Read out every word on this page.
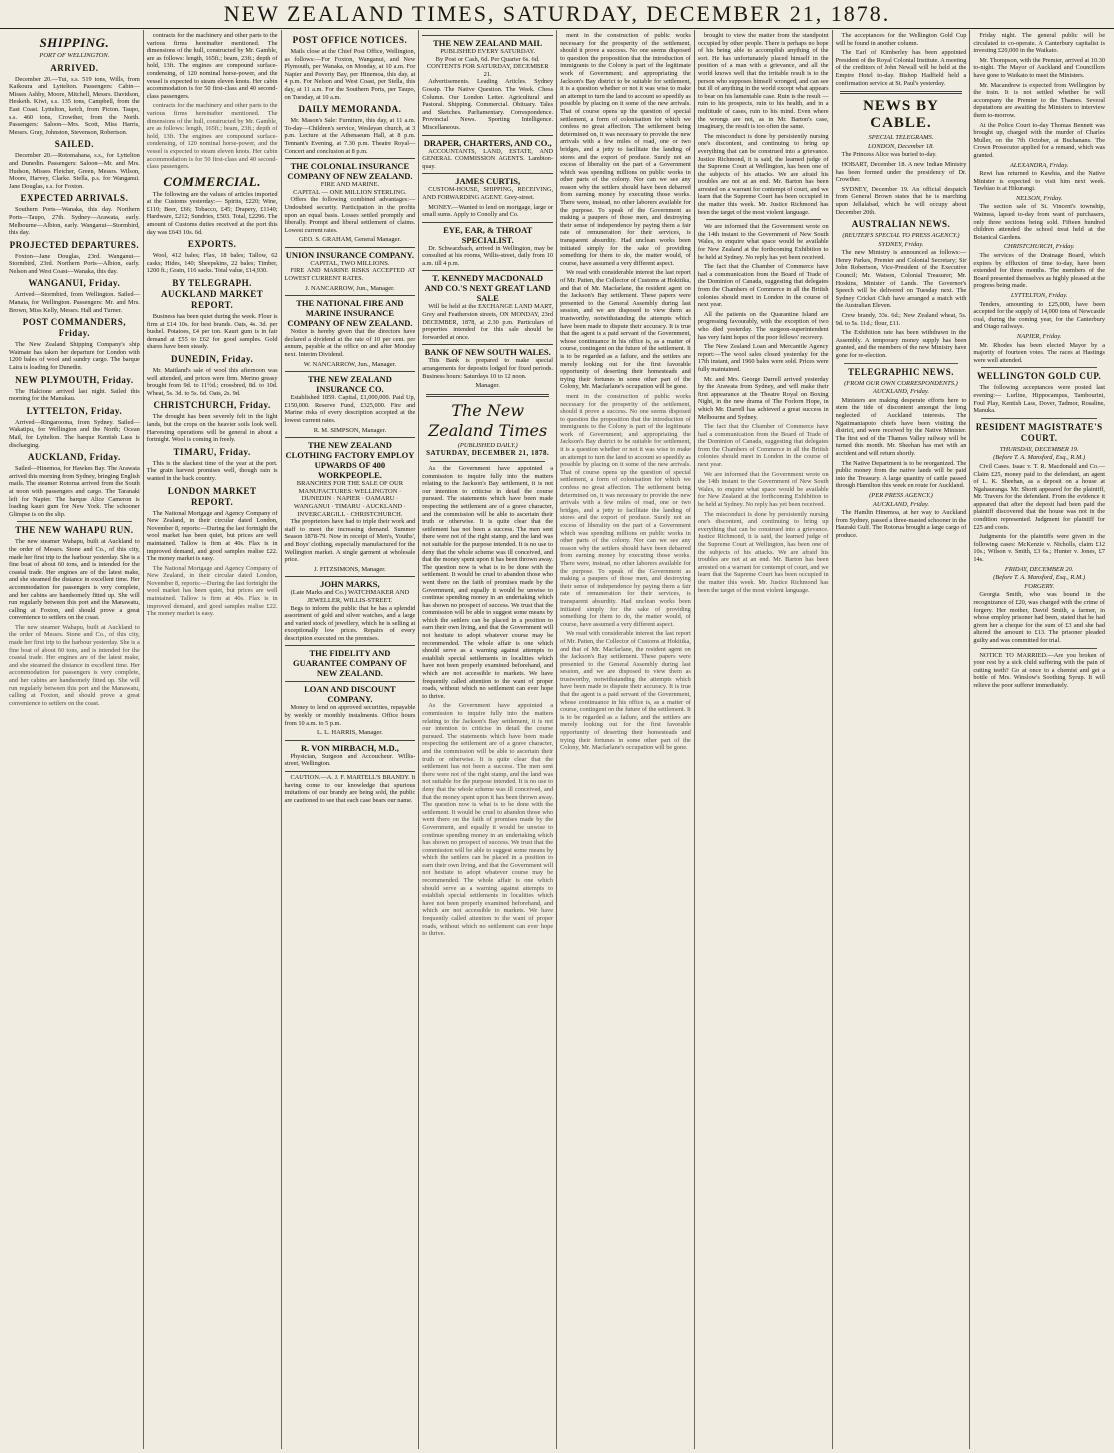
NEW ZEALAND TIMES, SATURDAY, DECEMBER 21, 1878.
SHIPPING.
PORT OF WELLINGTON.
ARRIVED.

December 20.—Tui, s.s. 519 tons, Wills, from Kaikoura and Lyttelton. Passengers: Cabin—Misses Ashby, Moore, Mitchell, Messrs. Davidson, Hesketh. Kiwi, s.s. 135 tons, Campbell, from the East Coast. Lyttelton, ketch, from Picton. Taupo, s.s. 460 tons, Crowther, from the North. Passengers: Saloon—Mrs. Scott, Miss Harris, Messrs. Gray, Johnston, Stevenson, Robertson.

SAILED.

December 20.—Rotomahana, s.s., for Lyttelton and Dunedin. Passengers: Saloon—Mr. and Mrs. Hudson, Misses Fletcher, Green, Messrs. Wilson, Moore, Harvey, Clarke. Stella, p.s. for Wanganui. Jane Douglas, s.s. for Foxton.

EXPECTED ARRIVALS.

Southern Ports—Wanaka, this day. Northern Ports—Taupo, 27th. Sydney—Arawata, early. Melbourne—Albion, early. Wanganui—Stormbird, this day.

PROJECTED DEPARTURES.

Foxton—Jane Douglas, 23rd. Wanganui—Stormbird, 23rd. Northern Ports—Albion, early. Nelson and West Coast—Wanaka, this day.

WANGANUI, Friday.

Arrived—Stormbird, from Wellington. Sailed—Manaia, for Wellington. Passengers: Mr. and Mrs. Brown, Miss Kelly, Messrs. Hall and Turner.

POST COMMANDERS, Friday.

The New Zealand Shipping Company's ship Waimate has taken her departure for London with 1200 bales of wool and sundry cargo. The barque Laira is loading for Dunedin.

NEW PLYMOUTH, Friday.

The Halcione arrived last night. Sailed this morning for the Manukau.

LYTTELTON, Friday.

Arrived—Ringarooma, from Sydney. Sailed—Wakatipu, for Wellington and the North; Ocean Mail, for Lyttelton. The barque Kentish Lass is discharging.

AUCKLAND, Friday.

Sailed—Hinemoa, for Hawkes Bay. The Arawata arrived this morning from Sydney, bringing English mails. The steamer Rotorua arrived from the South at noon with passengers and cargo. The Taranaki left for Napier. The barque Alice Cameron is loading kauri gum for New York. The schooner Glimpse is on the slip.

THE NEW WAHAPU RUN.

The new steamer Wahapu, built at Auckland to the order of Messrs. Stone and Co., of this city, made her first trip to the harbour yesterday. She is a fine boat of about 60 tons, and is intended for the coastal trade. Her engines are of the latest make, and she steamed the distance in excellent time. Her accommodation for passengers is very complete, and her cabins are handsomely fitted up. She will run regularly between this port and the Manawatu, calling at Foxton, and should prove a great convenience to settlers on the coast.

The new steamer Wahapu, built at Auckland to the order of Messrs. Stone and Co., of this city, made her first trip to the harbour yesterday. She is a fine boat of about 60 tons, and is intended for the coastal trade. Her engines are of the latest make, and she steamed the distance in excellent time. Her accommodation for passengers is very complete, and her cabins are handsomely fitted up. She will run regularly between this port and the Manawatu, calling at Foxton, and should prove a great convenience to settlers on the coast.

contracts for the machinery and other parts to the various firms hereinafter mentioned. The dimensions of the hull, constructed by Mr. Gamble, are as follows: length, 165ft.; beam, 23ft.; depth of hold, 13ft. The engines are compound surface-condensing, of 120 nominal horse-power, and the vessel is expected to steam eleven knots. Her cabin accommodation is for 50 first-class and 40 second-class passengers.

contracts for the machinery and other parts to the various firms hereinafter mentioned. The dimensions of the hull, constructed by Mr. Gamble, are as follows: length, 165ft.; beam, 23ft.; depth of hold, 13ft. The engines are compound surface-condensing, of 120 nominal horse-power, and the vessel is expected to steam eleven knots. Her cabin accommodation is for 50 first-class and 40 second-class passengers.

COMMERCIAL.

The following are the values of articles imported at the Customs yesterday:— Spirits, £220; Wine, £110; Beer, £66; Tobacco, £45; Drapery, £1140; Hardware, £212; Sundries, £503. Total, £2296. The amount of Customs duties received at the port this day was £643 10s. 6d.

EXPORTS.

Wool, 412 bales; Flax, 18 bales; Tallow, 62 casks; Hides, 140; Sheepskins, 22 bales; Timber, 1200 ft.; Grain, 116 sacks. Total value, £14,930.

BY TELEGRAPH. AUCKLAND MARKET REPORT.

Business has been quiet during the week. Flour is firm at £14 10s. for best brands. Oats, 4s. 3d. per bushel. Potatoes, £4 per ton. Kauri gum is in fair demand at £55 to £62 for good samples. Gold shares have been steady.

DUNEDIN, Friday.

Mr. Maitland's sale of wool this afternoon was well attended, and prices were firm. Merino greasy brought from 9d. to 11½d.; crossbred, 8d. to 10d. Wheat, 5s. 3d. to 5s. 6d. Oats, 2s. 9d.

CHRISTCHURCH, Friday.

The drought has been severely felt in the light lands, but the crops on the heavier soils look well. Harvesting operations will be general in about a fortnight. Wool is coming in freely.

TIMARU, Friday.

This is the slackest time of the year at the port. The grain harvest promises well, though rain is wanted in the back country.

LONDON MARKET REPORT.

The National Mortgage and Agency Company of New Zealand, in their circular dated London, November 8, reports:—During the last fortnight the wool market has been quiet, but prices are well maintained. Tallow is firm at 40s. Flax is in improved demand, and good samples realise £22. The money market is easy.

The National Mortgage and Agency Company of New Zealand, in their circular dated London, November 8, reports:—During the last fortnight the wool market has been quiet, but prices are well maintained. Tallow is firm at 40s. Flax is in improved demand, and good samples realise £22. The money market is easy.

POST OFFICE NOTICES.

Mails close at the Chief Post Office, Wellington, as follows:—For Foxton, Wanganui, and New Plymouth, per Wanaka, on Monday, at 10 a.m. For Napier and Poverty Bay, per Hinemoa, this day, at 4 p.m. For Nelson and West Coast, per Stella, this day, at 11 a.m. For the Southern Ports, per Taupo, on Tuesday, at 10 a.m.

DAILY MEMORANDA.

Mr. Mason's Sale: Furniture, this day, at 11 a.m. To-day—Children's service, Wesleyan church, at 3 p.m. Lecture at the Athenaeum Hall, at 8 p.m. Tennant's Evening, at 7.30 p.m. Theatre Royal—Concert and conclusion at 8 p.m.

THE COLONIAL INSURANCE COMPANY OF NEW ZEALAND.
FIRE AND MARINE.
CAPITAL — ONE MILLION STERLING.

Offers the following combined advantages:— Undoubted security. Participation in the profits upon an equal basis. Losses settled promptly and liberally. Prompt and liberal settlement of claims. Lowest current rates.

GEO. S. GRAHAM, General Manager.
UNION INSURANCE COMPANY.
CAPITAL, TWO MILLIONS.

FIRE AND MARINE RISKS ACCEPTED AT LOWEST CURRENT RATES.

J. NANCARROW, Jun., Manager.
THE NATIONAL FIRE AND MARINE INSURANCE COMPANY OF NEW ZEALAND.

Notice is hereby given that the directors have declared a dividend at the rate of 10 per cent. per annum, payable at the office on and after Monday next. Interim Dividend.

W. NANCARROW, Jun., Manager.
THE NEW ZEALAND INSURANCE CO.

Established 1859. Capital, £1,000,000. Paid Up, £150,000. Reserve Fund, £325,000. Fire and Marine risks of every description accepted at the lowest current rates.

R. M. SIMPSON, Manager.
THE NEW ZEALAND CLOTHING FACTORY EMPLOY UPWARDS OF 400 WORKPEOPLE.
BRANCHES FOR THE SALE OF OUR MANUFACTURES: WELLINGTON · DUNEDIN · NAPIER · OAMARU · WANGANUI · TIMARU · AUCKLAND · INVERCARGILL · CHRISTCHURCH.

The proprietors have had to triple their work and staff to meet the increasing demand. Summer Season 1878-79. Now in receipt of Men's, Youths', and Boys' clothing, especially manufactured for the Wellington market. A single garment at wholesale price.

J. FITZSIMONS, Manager.
JOHN MARKS,
(Late Marks and Co.) WATCHMAKER AND JEWELLER, WILLIS-STREET.

Begs to inform the public that he has a splendid assortment of gold and silver watches, and a large and varied stock of jewellery, which he is selling at exceptionally low prices. Repairs of every description executed on the premises.

THE FIDELITY AND GUARANTEE COMPANY OF NEW ZEALAND.
LOAN AND DISCOUNT COMPANY.

Money to lend on approved securities, repayable by weekly or monthly instalments. Office hours from 10 a.m. to 5 p.m.

L. L. HARRIS, Manager.
R. VON MIRBACH, M.D.,

Physician, Surgeon and Accoucheur. Willis-street, Wellington.

CAUTION.—A. J. F. MARTELL'S BRANDY. It having come to our knowledge that spurious imitations of our brandy are being sold, the public are cautioned to see that each case bears our name.

THE NEW ZEALAND MAIL
PUBLISHED EVERY SATURDAY.
By Post or Cash, 6d. Per Quarter 6s. 6d.
CONTENTS FOR SATURDAY, DECEMBER 21.

Advertisements. Leading Articles. Sydney Gossip. The Native Question. The Week. Chess Column. Our London Letter. Agricultural and Pastoral. Shipping. Commercial. Obituary. Tales and Sketches. Parliamentary. Correspondence. Provincial News. Sporting Intelligence. Miscellaneous.

DRAPER, CHARTERS, AND CO.,

ACCOUNTANTS, LAND, ESTATE, AND GENERAL COMMISSION AGENTS. Lambton-quay.

JAMES CURTIS,

CUSTOM-HOUSE, SHIPPING, RECEIVING, AND FORWARDING AGENT. Grey-street.

MONEY.—Wanted to lend on mortgage, large or small sums. Apply to Conolly and Co.

EYE, EAR, & THROAT SPECIALIST.

Dr. Schwarzbach, arrived in Wellington, may be consulted at his rooms, Willis-street, daily from 10 a.m. till 4 p.m.

T. KENNEDY MACDONALD AND CO.'S NEXT GREAT LAND SALE

Will be held at the EXCHANGE LAND MART, Grey and Featherston streets, ON MONDAY, 23rd DECEMBER, 1878, at 2.30 p.m. Particulars of properties intended for this sale should be forwarded at once.

BANK OF NEW SOUTH WALES.

This Bank is prepared to make special arrangements for deposits lodged for fixed periods. Business hours: Saturdays 10 to 12 noon.

Manager.
The New Zealand Times
(PUBLISHED DAILY.)
SATURDAY, DECEMBER 21, 1878.

As the Government have appointed a commission to inquire fully into the matters relating to the Jackson's Bay settlement, it is not our intention to criticise in detail the course pursued. The statements which have been made respecting the settlement are of a grave character, and the commission will be able to ascertain their truth or otherwise. It is quite clear that the settlement has not been a success. The men sent there were not of the right stamp, and the land was not suitable for the purpose intended. It is no use to deny that the whole scheme was ill conceived, and that the money spent upon it has been thrown away. The question now is what is to be done with the settlement. It would be cruel to abandon those who went there on the faith of promises made by the Government, and equally it would be unwise to continue spending money in an undertaking which has shown no prospect of success. We trust that the commission will be able to suggest some means by which the settlers can be placed in a position to earn their own living, and that the Government will not hesitate to adopt whatever course may be recommended. The whole affair is one which should serve as a warning against attempts to establish special settlements in localities which have not been properly examined beforehand, and which are not accessible to markets. We have frequently called attention to the want of proper roads, without which no settlement can ever hope to thrive.

As the Government have appointed a commission to inquire fully into the matters relating to the Jackson's Bay settlement, it is not our intention to criticise in detail the course pursued. The statements which have been made respecting the settlement are of a grave character, and the commission will be able to ascertain their truth or otherwise. It is quite clear that the settlement has not been a success. The men sent there were not of the right stamp, and the land was not suitable for the purpose intended. It is no use to deny that the whole scheme was ill conceived, and that the money spent upon it has been thrown away. The question now is what is to be done with the settlement. It would be cruel to abandon those who went there on the faith of promises made by the Government, and equally it would be unwise to continue spending money in an undertaking which has shown no prospect of success. We trust that the commission will be able to suggest some means by which the settlers can be placed in a position to earn their own living, and that the Government will not hesitate to adopt whatever course may be recommended. The whole affair is one which should serve as a warning against attempts to establish special settlements in localities which have not been properly examined beforehand, and which are not accessible to markets. We have frequently called attention to the want of proper roads, without which no settlement can ever hope to thrive.

ment in the construction of public works necessary for the prosperity of the settlement, should it prove a success. No one seems disposed to question the proposition that the introduction of immigrants to the Colony is part of the legitimate work of Government; and appropriating the Jackson's Bay district to be suitable for settlement, it is a question whether or not it was wise to make an attempt to turn the land to account so speedily as possible by placing on it some of the new arrivals. That of course opens up the question of special settlement, a form of colonisation for which we confess no great affection. The settlement being determined on, it was necessary to provide the new arrivals with a few miles of road, one or two bridges, and a jetty to facilitate the landing of stores and the export of produce. Surely not an excess of liberality on the part of a Government which was spending millions on public works in other parts of the colony. Nor can we see any reason why the settlers should have been debarred from earning money by executing those works. There were, instead, no other laborers available for the purpose. To speak of the Government as making a paupers of those men, and destroying their sense of independence by paying them a fair rate of remuneration for their services, is transparent absurdity. Had unclean works been initiated simply for the sake of providing something for them to do, the matter would, of course, have assumed a very different aspect.

We read with considerable interest the last report of Mr. Patten, the Collector of Customs at Hokitika, and that of Mr. Macfarlane, the resident agent on the Jackson's Bay settlement. These papers were presented to the General Assembly during last session, and we are disposed to view them as trustworthy, notwithstanding the attempts which have been made to dispute their accuracy. It is true that the agent is a paid servant of the Government, whose continuance in his office is, as a matter of course, contingent on the future of the settlement. It is to be regarded as a failure, and the settlers are merely looking out for the first favorable opportunity of deserting their homesteads and trying their fortunes in some other part of the Colony, Mr. Macfarlane's occupation will be gone.

ment in the construction of public works necessary for the prosperity of the settlement, should it prove a success. No one seems disposed to question the proposition that the introduction of immigrants to the Colony is part of the legitimate work of Government; and appropriating the Jackson's Bay district to be suitable for settlement, it is a question whether or not it was wise to make an attempt to turn the land to account so speedily as possible by placing on it some of the new arrivals. That of course opens up the question of special settlement, a form of colonisation for which we confess no great affection. The settlement being determined on, it was necessary to provide the new arrivals with a few miles of road, one or two bridges, and a jetty to facilitate the landing of stores and the export of produce. Surely not an excess of liberality on the part of a Government which was spending millions on public works in other parts of the colony. Nor can we see any reason why the settlers should have been debarred from earning money by executing those works. There were, instead, no other laborers available for the purpose. To speak of the Government as making a paupers of those men, and destroying their sense of independence by paying them a fair rate of remuneration for their services, is transparent absurdity. Had unclean works been initiated simply for the sake of providing something for them to do, the matter would, of course, have assumed a very different aspect.

We read with considerable interest the last report of Mr. Patten, the Collector of Customs at Hokitika, and that of Mr. Macfarlane, the resident agent on the Jackson's Bay settlement. These papers were presented to the General Assembly during last session, and we are disposed to view them as trustworthy, notwithstanding the attempts which have been made to dispute their accuracy. It is true that the agent is a paid servant of the Government, whose continuance in his office is, as a matter of course, contingent on the future of the settlement. It is to be regarded as a failure, and the settlers are merely looking out for the first favorable opportunity of deserting their homesteads and trying their fortunes in some other part of the Colony, Mr. Macfarlane's occupation will be gone.

brought to view the matter from the standpoint occupied by other people. There is perhaps no hope of his being able to accomplish anything of the sort. He has unfortunately placed himself in the position of a man with a grievance, and all the world knows well that the irritable result is to the person who supposes himself wronged, and can see but ill of anything in the world except what appears to bear on his lamentable case. Ruin is the result — ruin to his prospects, ruin to his health, and in a multitude of cases, ruin to his mind. Even where the wrongs are not, as in Mr. Barton's case, imaginary, the result is too often the same.

The misconduct is done by persistently nursing one's discontent, and continuing to bring up everything that can be construed into a grievance. Justice Richmond, it is said, the learned judge of the Supreme Court at Wellington, has been one of the subjects of his attacks. We are afraid his troubles are not at an end. Mr. Barton has been arrested on a warrant for contempt of court, and we learn that the Supreme Court has been occupied in the matter this week. Mr. Justice Richmond has been the target of the most violent language.

We are informed that the Government wrote on the 14th instant to the Government of New South Wales, to enquire what space would be available for New Zealand at the forthcoming Exhibition to be held at Sydney. No reply has yet been received.

The fact that the Chamber of Commerce have had a communication from the Board of Trade of the Dominion of Canada, suggesting that delegates from the Chambers of Commerce in all the British colonies should meet in London in the course of next year.

All the patients on the Quarantine Island are progressing favourably, with the exception of two who died yesterday. The surgeon-superintendent has very faint hopes of the poor fellows' recovery.

The New Zealand Loan and Mercantile Agency report:—The wool sales closed yesterday for the 17th instant, and 1960 bales were sold. Prices were fully maintained.

Mr. and Mrs. George Darrell arrived yesterday by the Arawata from Sydney, and will make their first appearance at the Theatre Royal on Boxing Night, in the new drama of The Forlorn Hope, in which Mr. Darrell has achieved a great success in Melbourne and Sydney.

The fact that the Chamber of Commerce have had a communication from the Board of Trade of the Dominion of Canada, suggesting that delegates from the Chambers of Commerce in all the British colonies should meet in London in the course of next year.

We are informed that the Government wrote on the 14th instant to the Government of New South Wales, to enquire what space would be available for New Zealand at the forthcoming Exhibition to be held at Sydney. No reply has yet been received.

The misconduct is done by persistently nursing one's discontent, and continuing to bring up everything that can be construed into a grievance. Justice Richmond, it is said, the learned judge of the Supreme Court at Wellington, has been one of the subjects of his attacks. We are afraid his troubles are not at an end. Mr. Barton has been arrested on a warrant for contempt of court, and we learn that the Supreme Court has been occupied in the matter this week. Mr. Justice Richmond has been the target of the most violent language.

The acceptances for the Wellington Gold Cup will be found in another column.

The Earl of Kimberley has been appointed President of the Royal Colonial Institute. A meeting of the creditors of John Newall will be held at the Empire Hotel to-day. Bishop Hadfield held a confirmation service at St. Paul's yesterday.

NEWS BY CABLE.
SPECIAL TELEGRAMS.
LONDON, December 18.

The Princess Alice was buried to-day.

HOBART, December 18. A new Indian Ministry has been formed under the presidency of Dr. Crowther.

SYDNEY, December 19. An official despatch from General Brown states that he is marching upon Jellalabad, which he will occupy about December 20th.

AUSTRALIAN NEWS.
(REUTER'S SPECIAL TO PRESS AGENCY.)
SYDNEY, Friday.

The new Ministry is announced as follows:—Henry Parkes, Premier and Colonial Secretary; Sir John Robertson, Vice-President of the Executive Council; Mr. Watson, Colonial Treasurer; Mr. Hoskins, Minister of Lands. The Governor's Speech will be delivered on Tuesday next. The Sydney Cricket Club have arranged a match with the Australian Eleven.

Crew brandy, 33s. 6d.; New Zealand wheat, 5s. 9d. to 5s. 11d.; flour, £11.

The Exhibition rate has been withdrawn in the Assembly. A temporary money supply has been granted, and the members of the new Ministry have gone for re-election.

TELEGRAPHIC NEWS.
(FROM OUR OWN CORRESPONDENTS.)
AUCKLAND, Friday.

Ministers are making desperate efforts here to stem the tide of discontent amongst the long neglected of Auckland interests. The Ngatimaniapoto chiefs have been visiting the district, and were received by the Native Minister. The first sod of the Thames Valley railway will be turned this month. Mr. Sheehan has met with an accident and will return shortly.

The Native Department is to be reorganized. The public money from the native lands will be paid into the Treasury. A large quantity of cattle passed through Hamilton this week en route for Auckland.

(PER PRESS AGENCY.)
AUCKLAND, Friday.

The Hamlin Hinemoa, at her way to Auckland from Sydney, passed a three-masted schooner in the Hauraki Gulf. The Rotorua brought a large cargo of produce.

Friday night. The general public will be circulated to co-operate. A Canterbury capitalist is investing £20,000 in the Waikato.

Mr. Thompson, with the Premier, arrived at 10.30 to-night. The Mayor of Auckland and Councillors have gone to Waikato to meet the Ministers.

Mr. Macandrew is expected from Wellington by the train. It is not settled whether he will accompany the Premier to the Thames. Several deputations are awaiting the Ministers to interview them to-morrow.

At the Police Court to-day Thomas Bennett was brought up, charged with the murder of Charles Muller, on the 7th October, at Buchanans. The Crown Prosecutor applied for a remand, which was granted.

ALEXANDRA, Friday.

Rewi has returned to Kawhia, and the Native Minister is expected to visit him next week. Tawhiao is at Hikurangi.

NELSON, Friday.

The section sale of St. Vincent's township, Waimea, lapsed to-day from want of purchasers, only three sections being sold. Fifteen hundred children attended the school treat held at the Botanical Gardens.

CHRISTCHURCH, Friday.

The services of the Drainage Board, which expires by effluxion of time to-day, have been extended for three months. The members of the Board presented themselves as highly pleased at the progress being made.

LYTTELTON, Friday.

Tenders, amounting to £25,000, have been accepted for the supply of 14,000 tons of Newcastle coal, during the coming year, for the Canterbury and Otago railways.

NAPIER, Friday.

Mr. Rhodes has been elected Mayor by a majority of fourteen votes. The races at Hastings were well attended.

WELLINGTON GOLD CUP.

The following acceptances were posted last evening:— Lurline, Hippocampus, Tambourini, Foul Play, Kentish Lass, Dover, Tadmor, Rosaline, Manuka.

RESIDENT MAGISTRATE'S COURT.
THURSDAY, DECEMBER 19.
(Before T. A. Mansford, Esq., R.M.)

Civil Cases. Isaac v. T. R. Macdonald and Co.—Claim £25, money paid to the defendant, an agent of L. K. Sheehan, as a deposit on a house at Ngahauranga. Mr. Shortt appeared for the plaintiff, Mr. Travers for the defendant. From the evidence it appeared that after the deposit had been paid the plaintiff discovered that the house was not in the condition represented. Judgment for plaintiff for £25 and costs.

Judgments for the plaintiffs were given in the following cases: McKenzie v. Nicholls, claim £12 10s.; Wilson v. Smith, £3 6s.; Hunter v. Jones, £7 14s.

FRIDAY, DECEMBER 20.
(Before T. A. Mansford, Esq., R.M.)
FORGERY.

Georgia Smith, who was bound in the recognizance of £20, was charged with the crime of forgery. Her mother, David Smith, a farmer, in whose employ prisoner had been, stated that he had given her a cheque for the sum of £3 and she had altered the amount to £13. The prisoner pleaded guilty and was committed for trial.

NOTICE TO MARRIED.—Are you broken of your rest by a sick child suffering with the pain of cutting teeth? Go at once to a chemist and get a bottle of Mrs. Winslow's Soothing Syrup. It will relieve the poor sufferer immediately.
